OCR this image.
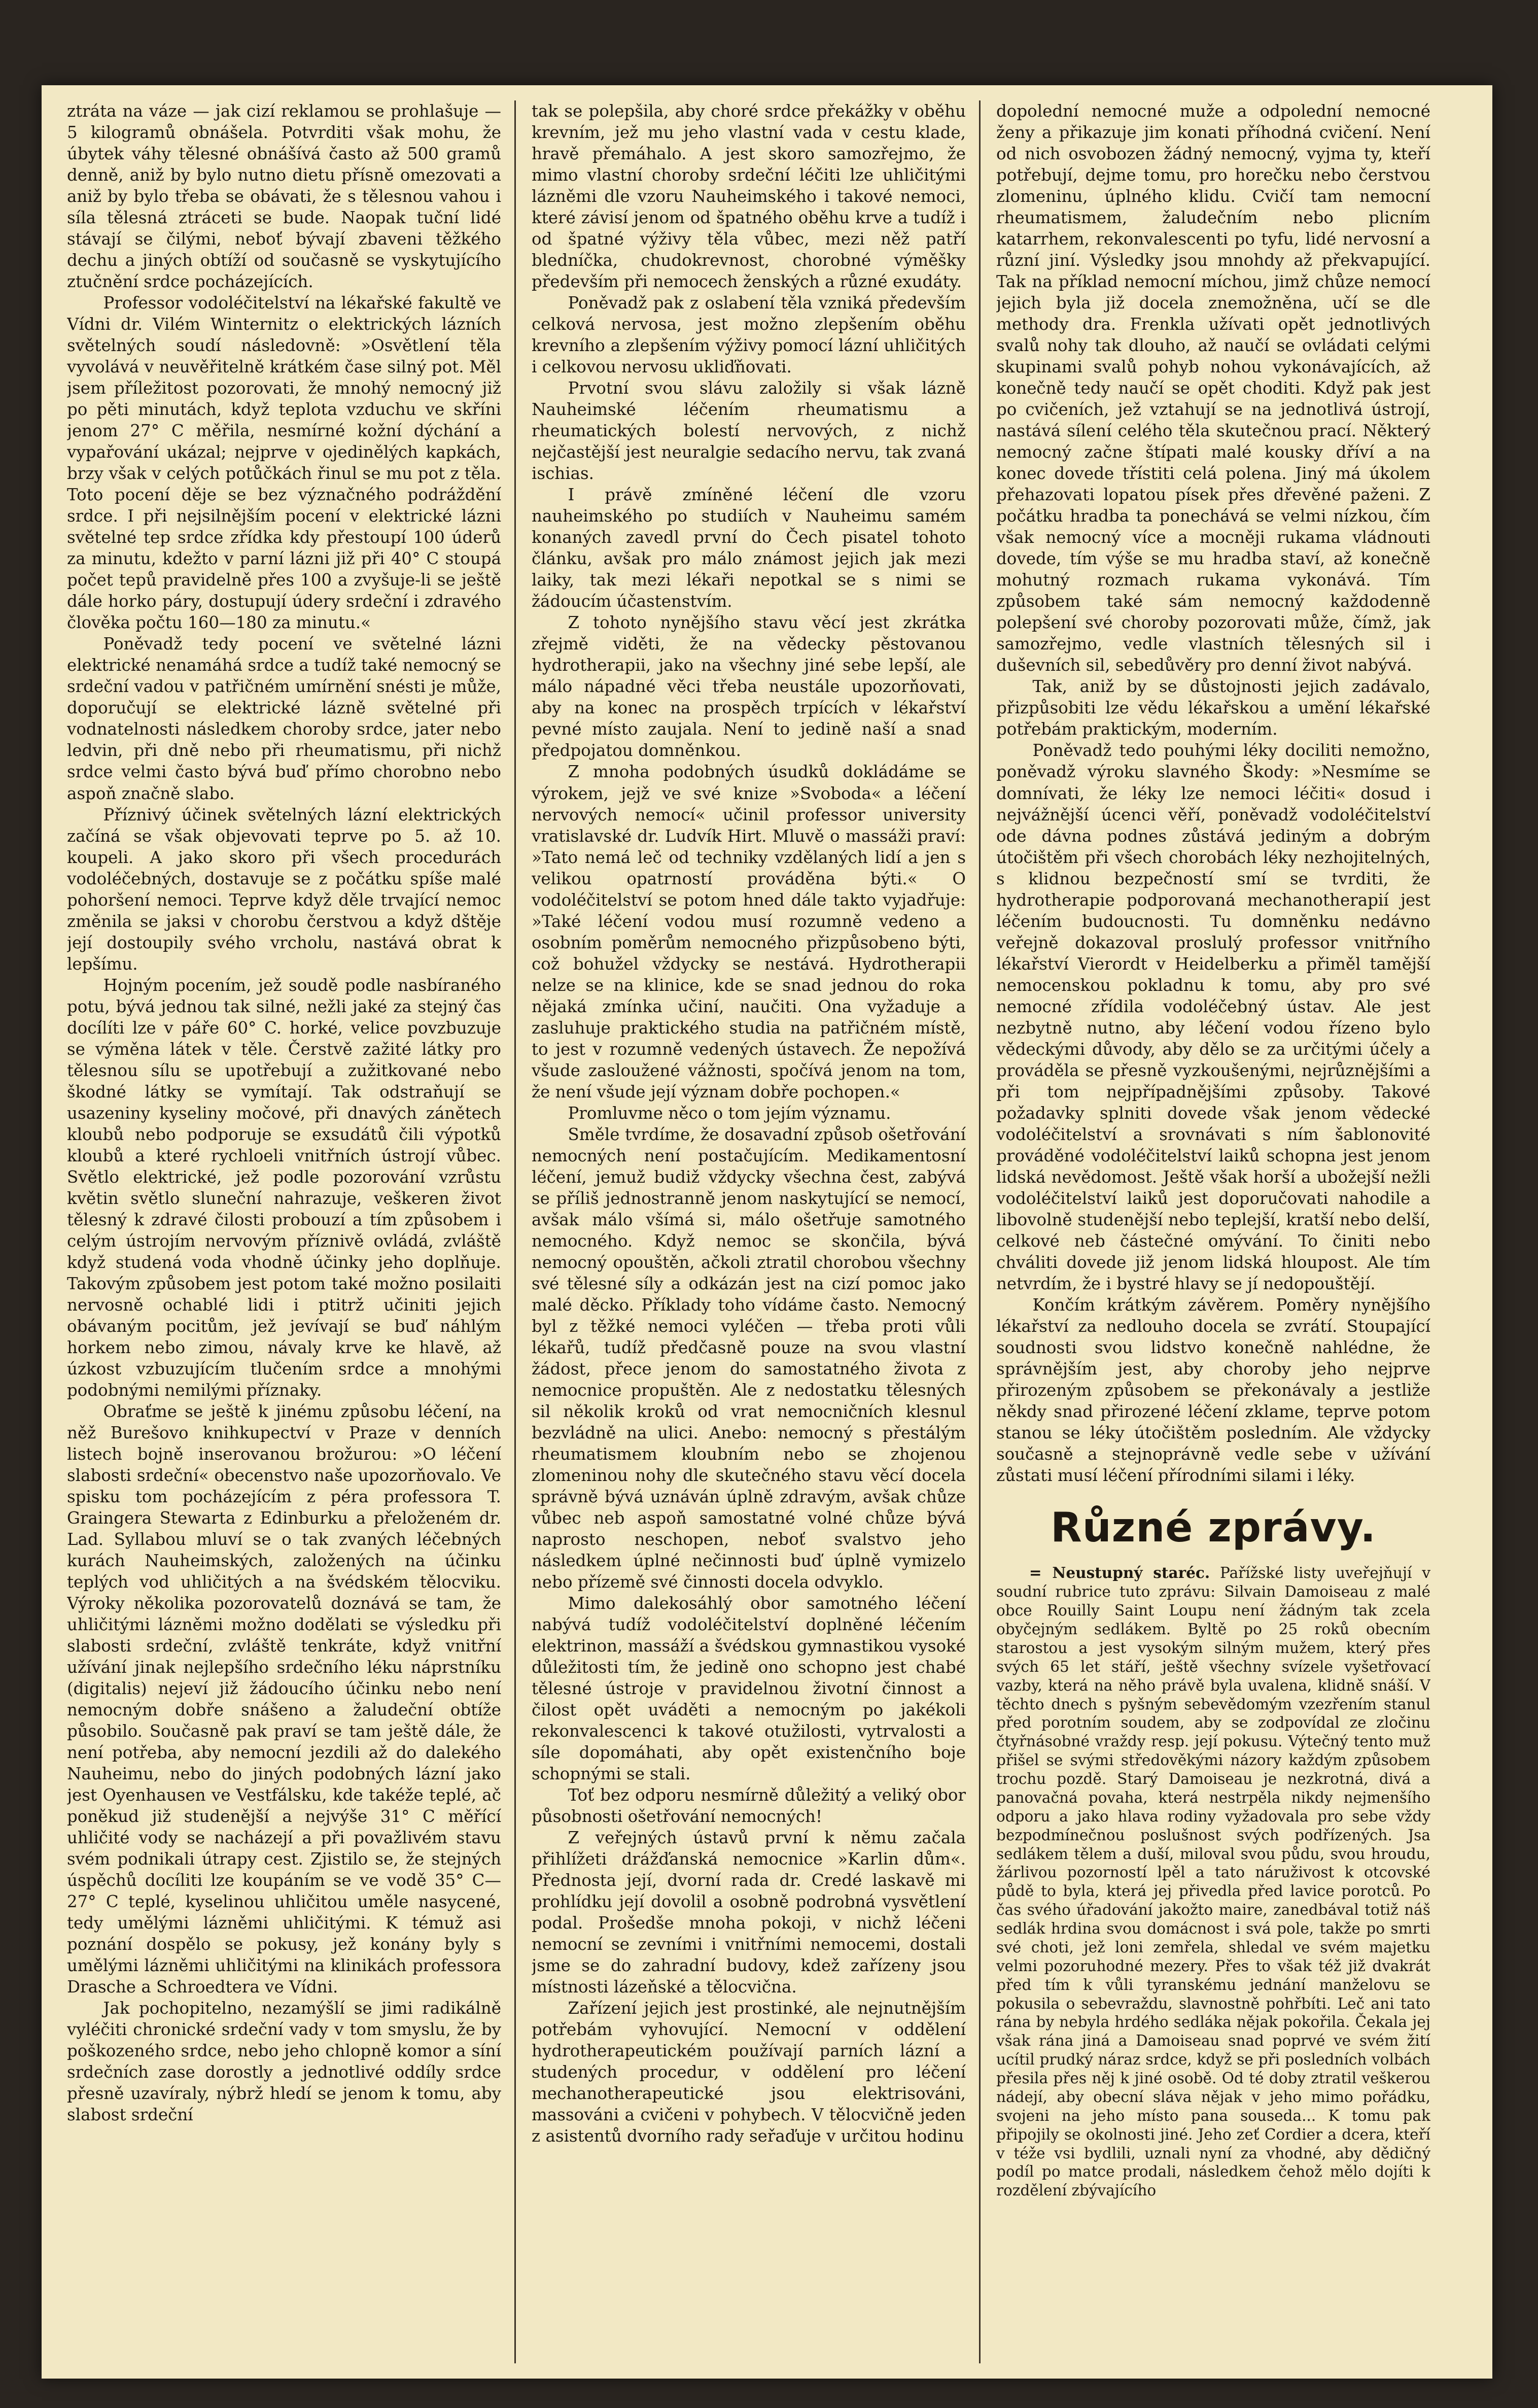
ztráta na váze — jak cizí reklamou se prohlašuje — 5 kilogramů obnášela. Potvrditi však mohu, že úbytek váhy tělesné obnášívá často až 500 gramů denně, aniž by bylo nutno dietu přísně omezovati a aniž by bylo třeba se obávati, že s tělesnou vahou i síla tělesná ztráceti se bude. Naopak tuční lidé stávají se čilými, neboť bývají zbaveni těžkého dechu a jiných obtíží od současně se vyskytujícího ztučnění srdce pocházejících.

Professor vodoléčitelství na lékařské fakultě ve Vídni dr. Vilém Winternitz o elektrických lázních světelných soudí následovně: »Osvětlení těla vyvolává v neuvěřitelně krátkém čase silný pot. Měl jsem příležitost pozorovati, že mnohý nemocný již po pěti minutách, když teplota vzduchu ve skříni jenom 27° C měřila, nesmírné kožní dýchání a vypařování ukázal; nejprve v ojedinělých kapkách, brzy však v celých potůčkách řinul se mu pot z těla. Toto pocení děje se bez význačného podráždění srdce. I při nejsilnějším pocení v elektrické lázni světelné tep srdce zřídka kdy přestoupí 100 úderů za minutu, kdežto v parní lázni již při 40° C stoupá počet tepů pravidelně přes 100 a zvyšuje-li se ještě dále horko páry, dostupují údery srdeční i zdravého člověka počtu 160—180 za minutu.«

Poněvadž tedy pocení ve světelné lázni elektrické nenamáhá srdce a tudíž také nemocný se srdeční vadou v patřičném umírnění snésti je může, doporučují se elektrické lázně světelné při vodnatelnosti následkem choroby srdce, jater nebo ledvin, při dně nebo při rheumatismu, při nichž srdce velmi často bývá buď přímo chorobno nebo aspoň značně slabo.

Příznivý účinek světelných lázní elektrických začíná se však objevovati teprve po 5. až 10. koupeli. A jako skoro při všech procedurách vodoléčebných, dostavuje se z počátku spíše malé pohoršení nemoci. Teprve když děle trvající nemoc změnila se jaksi v chorobu čerstvou a když dštěje její dostoupily svého vrcholu, nastává obrat k lepšímu.

Hojným pocením, jež soudě podle nasbíraného potu, bývá jednou tak silné, nežli jaké za stejný čas docílíti lze v páře 60° C. horké, velice povzbuzuje se výměna látek v těle. Čerstvě zažité látky pro tělesnou sílu se upotřebují a zužitkované nebo škodné látky se vymítají. Tak odstraňují se usazeniny kyseliny močové, při dnavých zánětech kloubů nebo podporuje se exsudátů čili výpotků kloubů a které rychloeli vnitřních ústrojí vůbec. Světlo elektrické, jež podle pozorování vzrůstu květin světlo sluneční nahrazuje, veškeren život tělesný k zdravé čilosti probouzí a tím způsobem i celým ústrojím nervovým příznivě ovládá, zvláště když studená voda vhodně účinky jeho doplňuje. Takovým způsobem jest potom také možno posilaiti nervosně ochablé lidi i ptitrž učiniti jejich obávaným pocitům, jež jevívají se buď náhlým horkem nebo zimou, návaly krve ke hlavě, až úzkost vzbuzujícím tlučením srdce a mnohými podobnými nemilými příznaky.

Obraťme se ještě k jinému způsobu léčení, na něž Burešovo knihkupectví v Praze v denních listech bojně inserovanou brožurou: »O léčení slabosti srdeční« obecenstvo naše upozorňovalo. Ve spisku tom pocházejícím z péra professora T. Graingera Stewarta z Edinburku a přeloženém dr. Lad. Syllabou mluví se o tak zvaných léčebných kurách Nauheimských, založených na účinku teplých vod uhličitých a na švédském tělocviku. Výroky několika pozorovatelů doznává se tam, že uhličitými lázněmi možno dodělati se výsledku při slabosti srdeční, zvláště tenkráte, když vnitřní užívání jinak nejlepšího srdečního léku náprstníku (digitalis) nejeví již žádoucího účinku nebo není nemocným dobře snášeno a žaludeční obtíže působilo. Současně pak praví se tam ještě dále, že není potřeba, aby nemocní jezdili až do dalekého Nauheimu, nebo do jiných podobných lázní jako jest Oyenhausen ve Vestfálsku, kde takéže teplé, ač poněkud již studenější a nejvýše 31° C měřící uhličité vody se nacházejí a při považlivém stavu svém podnikali útrapy cest. Zjistilo se, že stejných úspěchů docíliti lze koupáním se ve vodě 35° C— 27° C teplé, kyselinou uhličitou uměle nasycené, tedy umělými lázněmi uhličitými. K témuž asi poznání dospělo se pokusy, jež konány byly s umělými lázněmi uhličitými na klinikách professora Drasche a Schroedtera ve Vídni.

Jak pochopitelno, nezamýšlí se jimi radikálně vyléčiti chronické srdeční vady v tom smyslu, že by poškozeného srdce, nebo jeho chlopně komor a síní srdečních zase dorostly a jednotlivé oddíly srdce přesně uzavíraly, nýbrž hledí se jenom k tomu, aby slabost srdeční

tak se polepšila, aby choré srdce překážky v oběhu krevním, jež mu jeho vlastní vada v cestu klade, hravě přemáhalo. A jest skoro samozřejmo, že mimo vlastní choroby srdeční léčiti lze uhličitými lázněmi dle vzoru Nauheimského i takové nemoci, které závisí jenom od špatného oběhu krve a tudíž i od špatné výživy těla vůbec, mezi něž patří bledníčka, chudokrevnost, chorobné výměšky především při nemocech ženských a různé exudáty.

Poněvadž pak z oslabení těla vzniká především celková nervosa, jest možno zlepšením oběhu krevního a zlepšením výživy pomocí lázní uhličitých i celkovou nervosu ukliďňovati.

Prvotní svou slávu založily si však lázně Nauheimské léčením rheumatismu a rheumatických bolestí nervových, z nichž nejčastější jest neuralgie sedacího nervu, tak zvaná ischias.

I právě zmíněné léčení dle vzoru nauheimského po studiích v Nauheimu samém konaných zavedl první do Čech pisatel tohoto článku, avšak pro málo známost jejich jak mezi laiky, tak mezi lékaři nepotkal se s nimi se žádoucím účastenstvím.

Z tohoto nynějšího stavu věcí jest zkrátka zřejmě viděti, že na vědecky pěstovanou hydrotherapii, jako na všechny jiné sebe lepší, ale málo nápadné věci třeba neustále upozorňovati, aby na konec na prospěch trpících v lékařství pevné místo zaujala. Není to jedině naší a snad předpojatou domněnkou.

Z mnoha podobných úsudků dokládáme se výrokem, jejž ve své knize »Svoboda« a léčení nervových nemocí« učinil professor university vratislavské dr. Ludvík Hirt. Mluvě o massáži praví: »Tato nemá leč od techniky vzdělaných lidí a jen s velikou opatrností prováděna býti.« O vodoléčitelství se potom hned dále takto vyjadřuje: »Také léčení vodou musí rozumně vedeno a osobním poměrům nemocného přizpůsobeno býti, což bohužel vždycky se nestává. Hydrotherapii nelze se na klinice, kde se snad jednou do roka nějaká zmínka učiní, naučiti. Ona vyžaduje a zasluhuje praktického studia na patřičném místě, to jest v rozumně vedených ústavech. Že nepožívá všude zasloužené vážnosti, spočívá jenom na tom, že není všude její význam dobře pochopen.«

Promluvme něco o tom jejím významu.

Směle tvrdíme, že dosavadní způsob ošetřování nemocných není postačujícím. Medikamentosní léčení, jemuž budiž vždycky všechna čest, zabývá se příliš jednostranně jenom naskytující se nemocí, avšak málo všímá si, málo ošetřuje samotného nemocného. Když nemoc se skončila, bývá nemocný opouštěn, ačkoli ztratil chorobou všechny své tělesné síly a odkázán jest na cizí pomoc jako malé děcko. Příklady toho vídáme často. Nemocný byl z těžké nemoci vyléčen — třeba proti vůli lékařů, tudíž předčasně pouze na svou vlastní žádost, přece jenom do samostatného života z nemocnice propuštěn. Ale z nedostatku tělesných sil několik kroků od vrat nemocničních klesnul bezvládně na ulici. Anebo: nemocný s přestálým rheumatismem kloubním nebo se zhojenou zlomeninou nohy dle skutečného stavu věcí docela správně bývá uznáván úplně zdravým, avšak chůze vůbec neb aspoň samostatné volné chůze bývá naprosto neschopen, neboť svalstvo jeho následkem úplné nečinnosti buď úplně vymizelo nebo přízemě své činnosti docela odvyklo.

Mimo dalekosáhlý obor samotného léčení nabývá tudíž vodoléčitelství doplněné léčením elektrinon, massáží a švédskou gymnastikou vysoké důležitosti tím, že jedině ono schopno jest chabé tělesné ústroje v pravidelnou životní činnost a čilost opět uváděti a nemocným po jakékoli rekonvalescenci k takové otužilosti, vytrvalosti a síle dopomáhati, aby opět existenčního boje schopnými se stali.

Toť bez odporu nesmírně důležitý a veliký obor působnosti ošetřování nemocných!

Z veřejných ústavů první k němu začala přihlížeti drážďanská nemocnice »Karlin dům«. Přednosta její, dvorní rada dr. Credé laskavě mi prohlídku její dovolil a osobně podrobná vysvětlení podal. Prošedše mnoha pokoji, v nichž léčeni nemocní se zevními i vnitřními nemocemi, dostali jsme se do zahradní budovy, kdež zařízeny jsou místnosti lázeňské a tělocvična.

Zařízení jejich jest prostinké, ale nejnutnějším potřebám vyhovující. Nemocní v oddělení hydrotherapeutickém používají parních lázní a studených procedur, v oddělení pro léčení mechanotherapeutické jsou elektrisováni, massováni a cvičeni v pohybech. V tělocvičně jeden z asistentů dvorního rady seřaďuje v určitou hodinu

dopolední nemocné muže a odpolední nemocné ženy a přikazuje jim konati příhodná cvičení. Není od nich osvobozen žádný nemocný, vyjma ty, kteří potřebují, dejme tomu, pro horečku nebo čerstvou zlomeninu, úplného klidu. Cvičí tam nemocní rheumatismem, žaludečním nebo plicním katarrhem, rekonvalescenti po tyfu, lidé nervosní a různí jiní. Výsledky jsou mnohdy až překvapující. Tak na příklad nemocní míchou, jimž chůze nemocí jejich byla již docela znemožněna, učí se dle methody dra. Frenkla užívati opět jednotlivých svalů nohy tak dlouho, až naučí se ovládati celými skupinami svalů pohyb nohou vykonávajících, až konečně tedy naučí se opět choditi. Když pak jest po cvičeních, jež vztahují se na jednotlivá ústrojí, nastává sílení celého těla skutečnou prací. Některý nemocný začne štípati malé kousky dříví a na konec dovede třístiti celá polena. Jiný má úkolem přehazovati lopatou písek přes dřevěné paženi. Z počátku hradba ta ponechává se velmi nízkou, čím však nemocný více a mocněji rukama vládnouti dovede, tím výše se mu hradba staví, až konečně mohutný rozmach rukama vykonává. Tím způsobem také sám nemocný každodenně polepšení své choroby pozorovati může, čímž, jak samozřejmo, vedle vlastních tělesných sil i duševních sil, sebedůvěry pro denní život nabývá.

Tak, aniž by se důstojnosti jejich zadávalo, přizpůsobiti lze vědu lékařskou a umění lékařské potřebám praktickým, moderním.

Poněvadž tedo pouhými léky dociliti nemožno, poněvadž výroku slavného Škody: »Nesmíme se domnívati, že léky lze nemoci léčiti« dosud i nejvážnější úcenci věří, poněvadž vodoléčitelství ode dávna podnes zůstává jediným a dobrým útočištěm při všech chorobách léky nezhojitelných, s klidnou bezpečností smí se tvrditi, že hydrotherapie podporovaná mechanotherapií jest léčením budoucnosti. Tu domněnku nedávno veřejně dokazoval proslulý professor vnitřního lékařství Vierordt v Heidelberku a přiměl tamější nemocenskou pokladnu k tomu, aby pro své nemocné zřídila vodoléčebný ústav. Ale jest nezbytně nutno, aby léčení vodou řízeno bylo vědeckými důvody, aby dělo se za určitými účely a prováděla se přesně vyzkoušenými, nejrůznějšími a při tom nejpřípadnějšími způsoby. Takové požadavky splniti dovede však jenom vědecké vodoléčitelství a srovnávati s ním šablonovité prováděné vodoléčitelství laiků schopna jest jenom lidská nevědomost. Ještě však horší a ubožejší nežli vodoléčitelství laiků jest doporučovati nahodile a libovolně studenější nebo teplejší, kratší nebo delší, celkové neb částečné omývání. To činiti nebo chváliti dovede již jenom lidská hloupost. Ale tím netvrdím, že i bystré hlavy se jí nedopouštějí.

Končím krátkým závěrem. Poměry nynějšího lékařství za nedlouho docela se zvrátí. Stoupající soudnosti svou lidstvo konečně nahlédne, že správnějším jest, aby choroby jeho nejprve přirozeným způsobem se překonávaly a jestliže někdy snad přirozené léčení zklame, teprve potom stanou se léky útočištěm posledním. Ale vždycky současně a stejnoprávně vedle sebe v užívání zůstati musí léčení přírodními silami i léky.

Různé zprávy.

= Neustupný staréc. Pařížské listy uveřejňují v soudní rubrice tuto zprávu: Silvain Damoiseau z malé obce Rouilly Saint Loupu není žádným tak zcela obyčejným sedlákem. Byltě po 25 roků obecním starostou a jest vysokým silným mužem, který přes svých 65 let stáří, ještě všechny svízele vyšetřovací vazby, která na něho právě byla uvalena, klidně snáší. V těchto dnech s pyšným sebevědomým vzezřením stanul před porotním soudem, aby se zodpovídal ze zločinu čtyřnásobné vraždy resp. její pokusu. Výtečný tento muž přišel se svými středověkými názory každým způsobem trochu pozdě. Starý Damoiseau je nezkrotná, divá a panovačná povaha, která nestrpěla nikdy nejmenšího odporu a jako hlava rodiny vyžadovala pro sebe vždy bezpodmínečnou poslušnost svých podřízených. Jsa sedlákem tělem a duší, miloval svou půdu, svou hroudu, žárlivou pozorností lpěl a tato náruživost k otcovské půdě to byla, která jej přivedla před lavice porotců. Po čas svého úřadování jakožto maire, zanedbával totiž náš sedlák hrdina svou domácnost i svá pole, takže po smrti své choti, jež loni zemřela, shledal ve svém majetku velmi pozoruhodné mezery. Přes to však též již dvakrát před tím k vůli tyranskému jednání manželovu se pokusila o sebevraždu, slavnostně pohřbíti. Leč ani tato rána by nebyla hrdého sedláka nějak pokořila. Čekala jej však rána jiná a Damoiseau snad poprvé ve svém žití ucítil prudký náraz srdce, když se při posledních volbách přesila přes něj k jiné osobě. Od té doby ztratil veškerou nádejí, aby obecní sláva nějak v jeho mimo pořádku, svojeni na jeho místo pana souseda... K tomu pak připojily se okolnosti jiné. Jeho zeť Cordier a dcera, kteří v téže vsi bydlili, uznali nyní za vhodné, aby dědičný podíl po matce prodali, následkem čehož mělo dojíti k rozdělení zbývajícího
